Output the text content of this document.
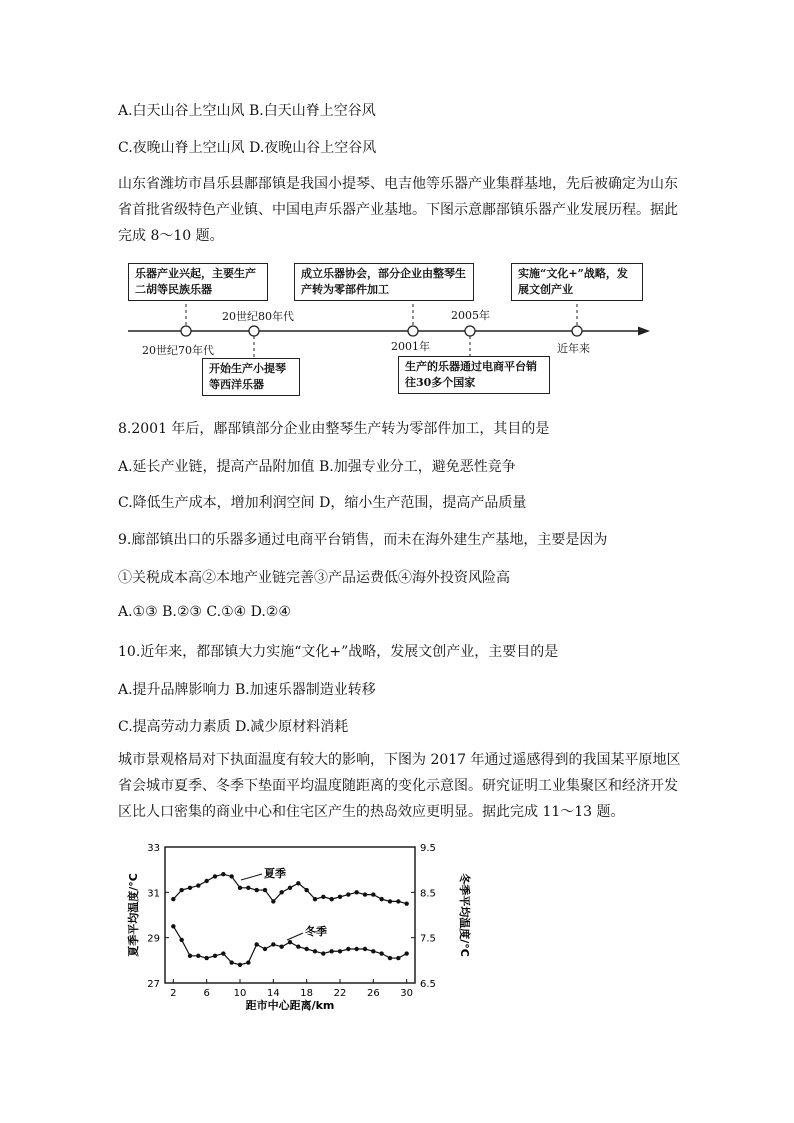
A.白天山谷上空山风 B.白天山脊上空谷风
C.夜晚山脊上空山风 D.夜晚山谷上空谷风
山东省潍坊市昌乐县鄌郚镇是我国小提琴、电吉他等乐器产业集群基地，先后被确定为山东省首批省级特色产业镇、中国电声乐器产业基地。下图示意鄌郚镇乐器产业发展历程。据此完成 8～10 题。
乐器产业兴起，主要生产二胡等民族乐器
成立乐器协会，部分企业由整琴生产转为零部件加工
实施“文化+”战略，发展文创产业
开始生产小提琴等西洋乐器
生产的乐器通过电商平台销往30多个国家
20世纪70年代
20世纪80年代
2001年
2005年
近年来
8.2001 年后，鄌郚镇部分企业由整琴生产转为零部件加工，其目的是
A.延长产业链，提高产品附加值 B.加强专业分工，避免恶性竞争
C.降低生产成本，增加利润空间 D，缩小生产范围，提高产品质量
9.廊部镇出口的乐器多通过电商平台销售，而未在海外建生产基地，主要是因为
①关税成本高②本地产业链完善③产品运费低④海外投资风险高
A.①③ B.②③ C.①④ D.②④
10.近年来，都郚镇大力实施“文化+”战略，发展文创产业，主要目的是
A.提升品牌影响力 B.加速乐器制造业转移
C.提高劳动力素质 D.减少原材料消耗
城市景观格局对下执面温度有较大的影响，下图为 2017 年通过遥感得到的我国某平原地区省会城市夏季、冬季下垫面平均温度随距离的变化示意图。研究证明工业集聚区和经济开发区比人口密集的商业中心和住宅区产生的热岛效应更明显。据此完成 11～13 题。
2	6 10 14 18 22 26 30
27
29
31
33
6.5
7.5
8.5
9.5
夏季
冬季
距市中心距离/km
夏季平均温度/°C	冬季平均温度/°C
